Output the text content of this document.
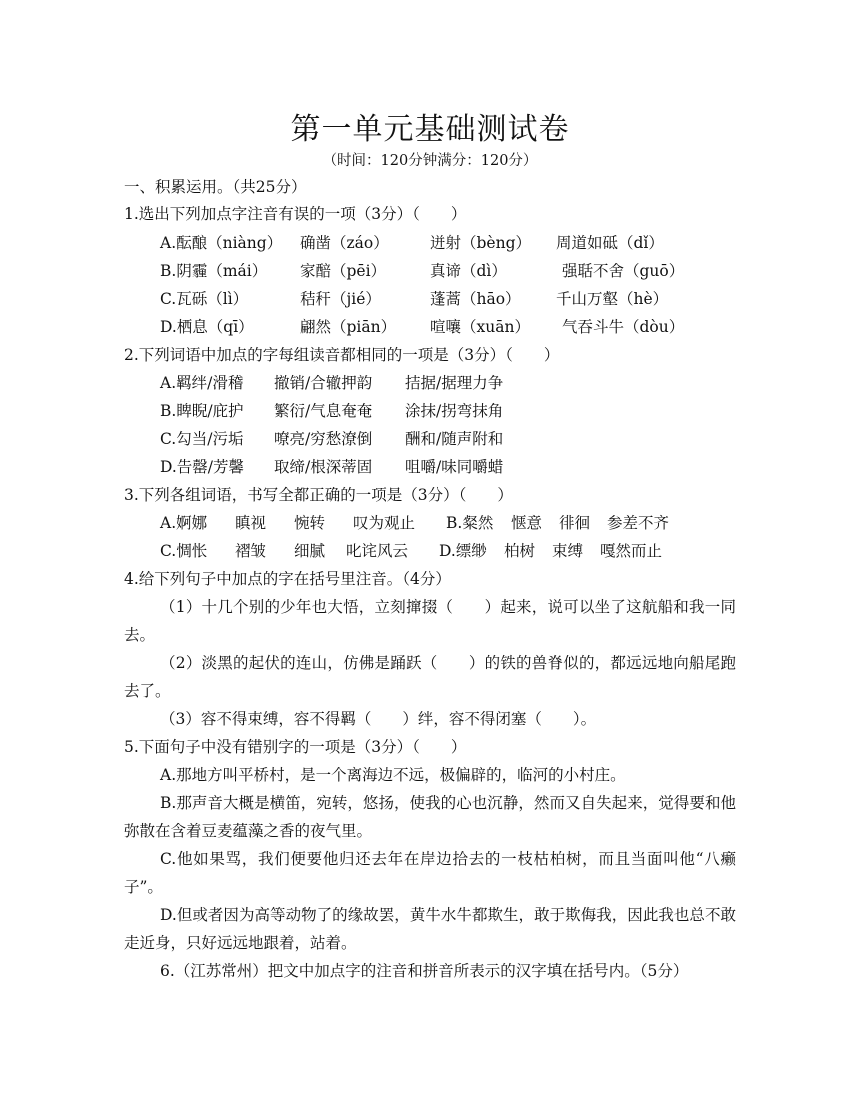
第一单元基础测试卷
（时间：120分钟满分：120分）
一、积累运用。（共25分）
1.选出下列加点字注音有误的一项（3分）（　　）
A.酝酿（niàng） 确凿（záo）	迸射（bèng） 周道如砥（dǐ）
B.阴霾（mái） 家醅（pēi）	真谛（dì）	强聒不舍（guō）
C.瓦砾（lì）	秸秆（jié）	蓬蒿（hāo） 千山万壑（hè）
D.栖息（qī）	翩然（piān） 喧嚷（xuān） 气吞斗牛（dòu）
2.下列词语中加点的字每组读音都相同的一项是（3分）（　　）
A.羁绊/滑稽 撤销/合辙押韵 拮据/据理力争
B.睥睨/庇护 繁衍/气息奄奄 涂抹/拐弯抹角
C.勾当/污垢 嘹亮/穷愁潦倒 酬和/随声附和
D.告罄/芳馨 取缔/根深蒂固 咀嚼/味同嚼蜡
3.下列各组词语，书写全都正确的一项是（3分）（　　）
A.婀娜 瞋视 惋转 叹为观止 B.粲然 惬意 徘徊 参差不齐
C.惆怅 褶皱 细腻 叱诧风云 D.缥缈 柏树 束缚 嘎然而止
4.给下列句子中加点的字在括号里注音。（4分）
（1）十几个别的少年也大悟，立刻撺掇（　　）起来，说可以坐了这航船和我一同去。
（2）淡黑的起伏的连山，仿佛是踊跃（　　）的铁的兽脊似的，都远远地向船尾跑去了。
（3）容不得束缚，容不得羁（　　）绊，容不得闭塞（　　）。
5.下面句子中没有错别字的一项是（3分）（　　）
A.那地方叫平桥村，是一个离海边不远，极偏辟的，临河的小村庄。
B.那声音大概是横笛，宛转，悠扬，使我的心也沉静，然而又自失起来，觉得要和他弥散在含着豆麦蕴藻之香的夜气里。
C.他如果骂，我们便要他归还去年在岸边拾去的一枝枯柏树，而且当面叫他“八癞子”。
D.但或者因为高等动物了的缘故罢，黄牛水牛都欺生，敢于欺侮我，因此我也总不敢走近身，只好远远地跟着，站着。
6.（江苏常州）把文中加点字的注音和拼音所表示的汉字填在括号内。（5分）
